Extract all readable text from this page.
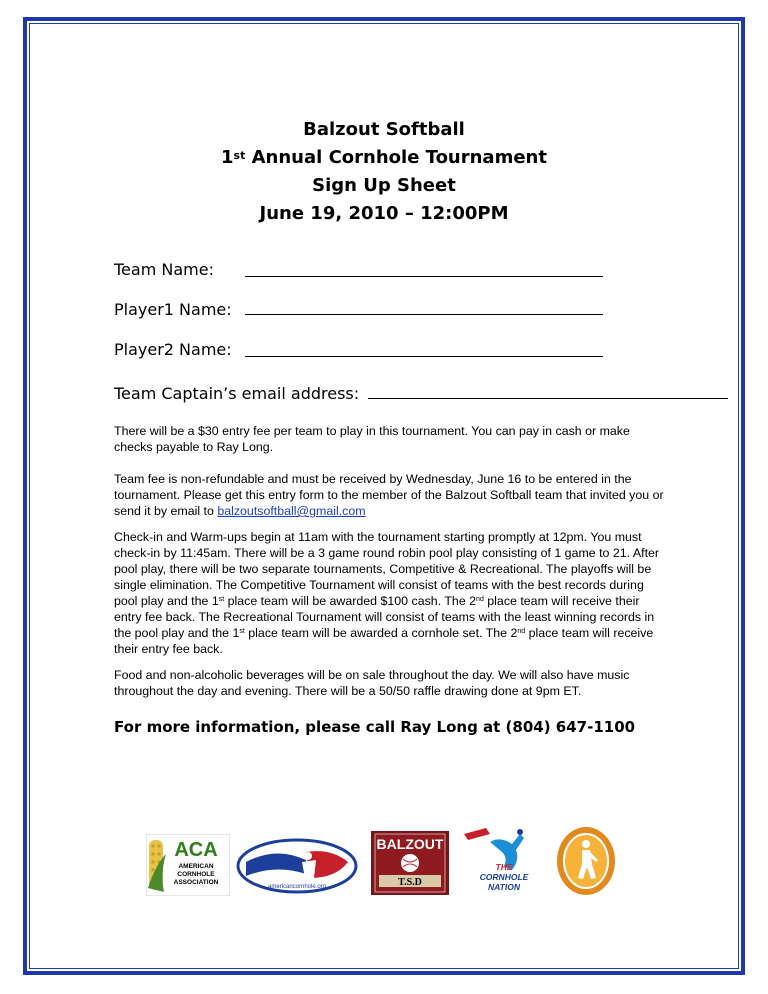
Balzout Softball
1st Annual Cornhole Tournament
Sign Up Sheet
June 19, 2010 – 12:00PM
Team Name:
Player1 Name:
Player2 Name:
Team Captain’s email address:
There will be a $30 entry fee per team to play in this tournament. You can pay in cash or make checks payable to Ray Long.
Team fee is non-refundable and must be received by Wednesday, June 16 to be entered in the tournament. Please get this entry form to the member of the Balzout Softball team that invited you or send it by email to balzoutsoftball@gmail.com
Check-in and Warm-ups begin at 11am with the tournament starting promptly at 12pm. You must check-in by 11:45am. There will be a 3 game round robin pool play consisting of 1 game to 21. After pool play, there will be two separate tournaments, Competitive & Recreational. The playoffs will be single elimination. The Competitive Tournament will consist of teams with the best records during pool play and the 1st place team will be awarded $100 cash. The 2nd place team will receive their entry fee back. The Recreational Tournament will consist of teams with the least winning records in the pool play and the 1st place team will be awarded a cornhole set. The 2nd place team will receive their entry fee back.
Food and non-alcoholic beverages will be on sale throughout the day. We will also have music throughout the day and evening. There will be a 50/50 raffle drawing done at 9pm ET.
For more information, please call Ray Long at (804) 647-1100
ACA
AMERICAN
CORNHOLE
ASSOCIATION
americancornhole.org
BALZOUT
T.S.D
THE
CORNHOLE
NATION
